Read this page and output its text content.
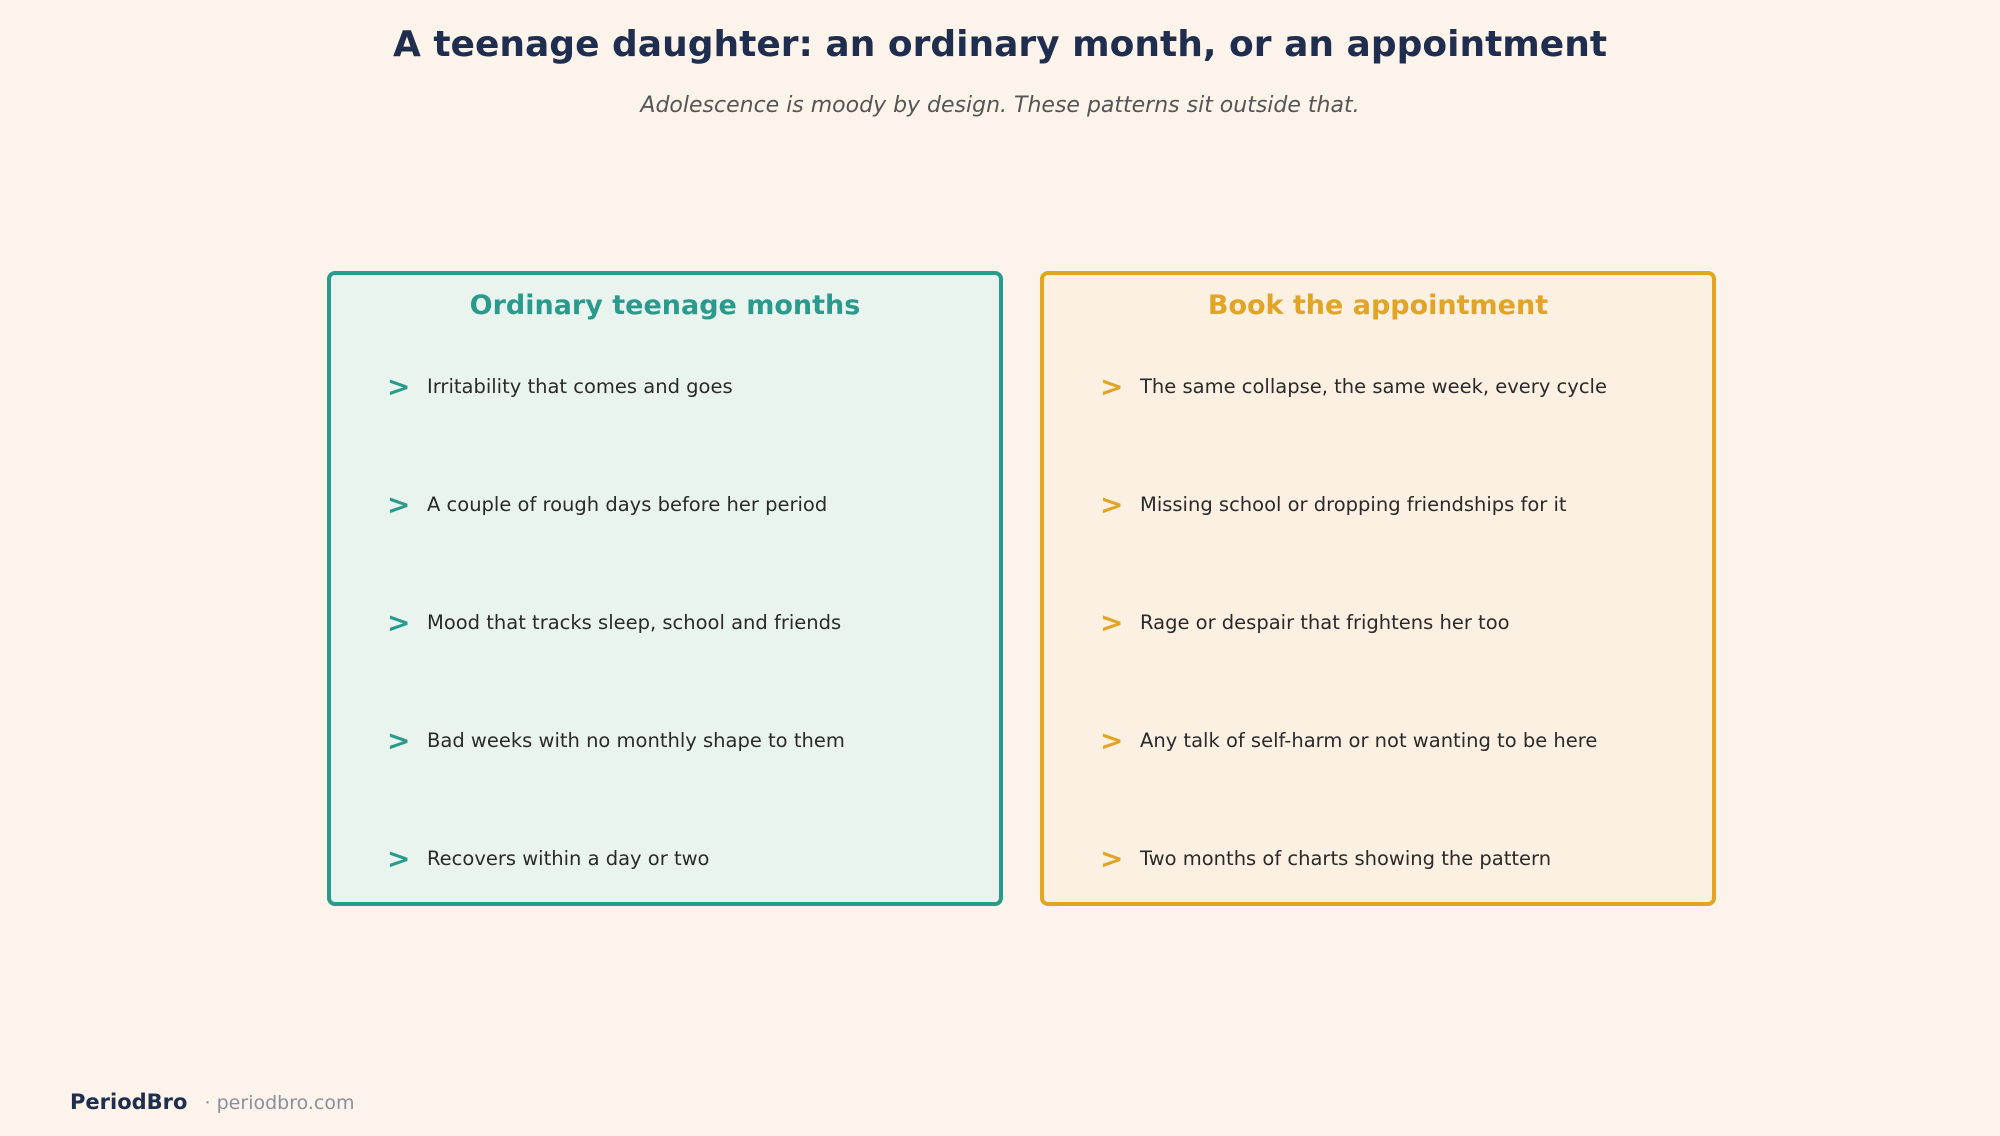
A teenage daughter: an ordinary month, or an appointment
Adolescence is moody by design. These patterns sit outside that.
Ordinary teenage months
> Irritability that comes and goes
> A couple of rough days before her period
> Mood that tracks sleep, school and friends
> Bad weeks with no monthly shape to them
> Recovers within a day or two
Book the appointment
> The same collapse, the same week, every cycle
> Missing school or dropping friendships for it
> Rage or despair that frightens her too
> Any talk of self-harm or not wanting to be here
> Two months of charts showing the pattern
PeriodBro · periodbro.com
